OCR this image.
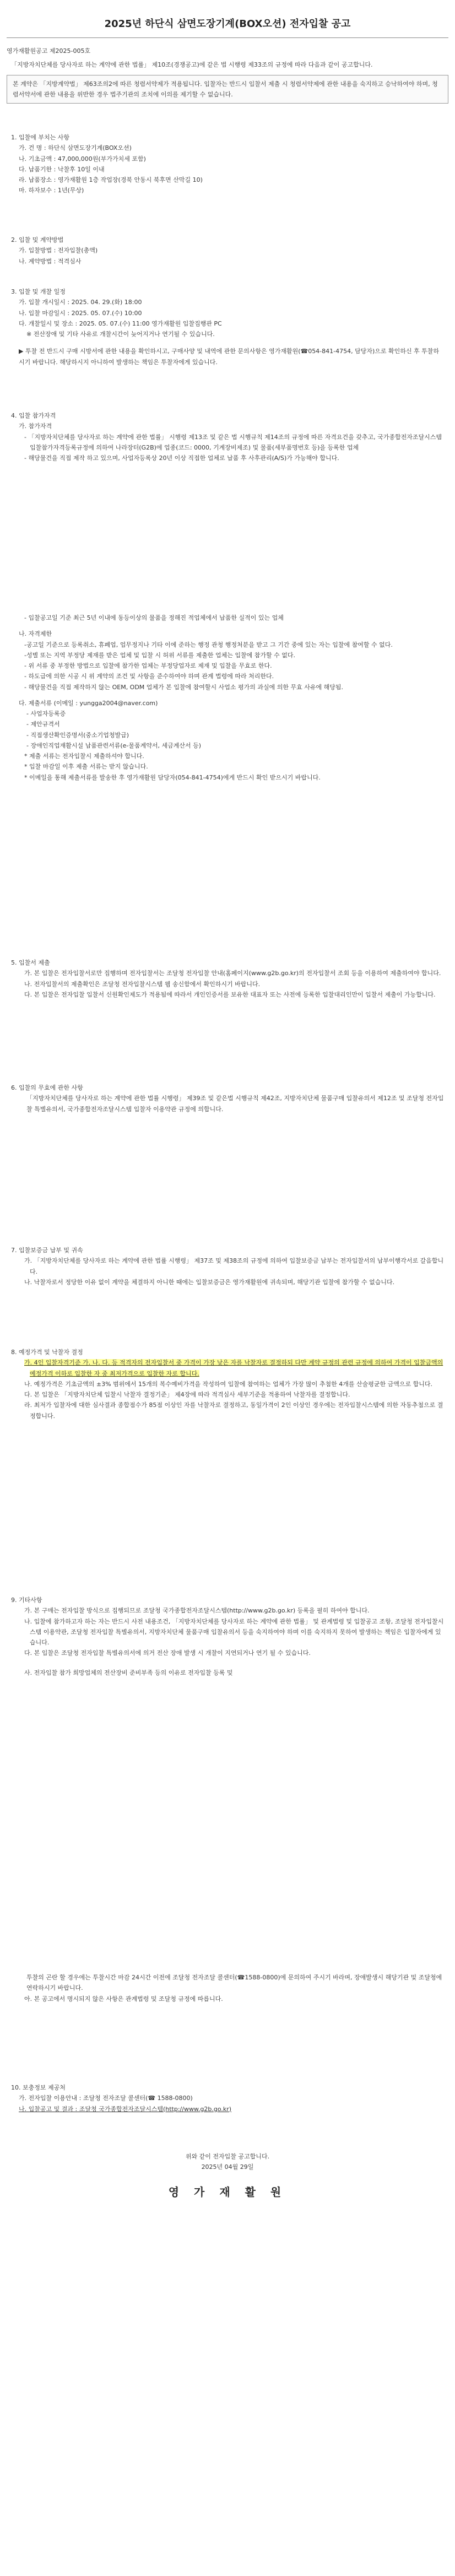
2025년 하단식 삼면도장기계(BOX오션) 전자입찰 공고

영가재활원공고 제2025-005호

「지방자치단체를 당사자로 하는 계약에 관한 법률」 제10조(경쟁공고)에 같은 법 시행령 제33조의 규정에 따라 다음과 같이 공고합니다.

본 계약은 「지방계약법」 제63조의2에 따른 청렴서약제가 적용됩니다. 입찰자는 반드시 입찰서 제출 시 청렴서약제에 관한 내용을 숙지하고 승낙하여야 하며, 청렴서약서에 관한 내용을 위반한 경우 법주기관의 조치에 이의를 제기할 수 없습니다.

1. 입찰에 부치는 사항

가. 건 명 : 하단식 삼면도장기계(BOX오션)

나. 기초금액 : 47,000,000원(부가가치세 포함)

다. 납품기한 : 낙찰후 10일 이내

라. 납품장소 : 영가재활원 1층 작업장(경북 안동시 북후면 산막길 10)

마. 하자보수 : 1년(무상)

2. 입찰 및 계약방법

가. 입찰방법 : 전자입찰(총액)

나. 계약방법 : 적격심사

3. 입찰 및 개찰 일정

가. 입찰 개시일시 : 2025. 04. 29.(화) 18:00

나. 입찰 마감일시 : 2025. 05. 07.(수) 10:00

다. 개찰일시 및 장소 : 2025. 05. 07.(수) 11:00 영가재활원 입찰집행관 PC

※ 전산장애 및 기타 사유로 개찰시간이 늦어지거나 연기될 수 있습니다.

▶ 투찰 전 반드시 구매 시방서에 관한 내용을 확인하시고, 구매사양 및 내역에 관한 문의사항은 영가재활원(☎054-841-4754, 담당자)으로 확인하신 후 투찰하시기 바랍니다. 해당하시지 아니하여 발생하는 책임은 투찰자에게 있습니다.

4. 입찰 참가자격

가. 참가자격

- 「지방자치단체를 당사자로 하는 계약에 관한 법률」 시행령 제13조 및 같은 법 시행규칙 제14조의 규정에 따른 자격요건을 갖추고, 국가종합전자조달시스템 입찰참가자격등록규정에 의하여 나라장터(G2B)에 업종(코드: 0000, 기계장비제조) 및 물품(세부품명번호 등)을 등록한 업체

- 해당물건을 직접 제작 하고 있으며, 사업자등록상 20년 이상 직접한 업체로 납품 후 사후관리(A/S)가 가능해야 합니다.

- 입찰공고일 기준 최근 5년 이내에 동등이상의 물품을 정해진 적업체에서 납품한 실적이 있는 업체

나. 자격제한

-공고일 기준으로 등록취소, 휴폐업, 업무정지나 기타 이에 준하는 행정 관청 행정처분을 받고 그 기간 중에 있는 자는 입찰에 참여할 수 없다.

-성별 또는 지역 부정당 제재를 받은 업체 및 입찰 시 허위 서류를 제출한 업체는 입찰에 참가할 수 없다.

- 위 서류 중 부정한 방법으로 입찰에 참가한 업체는 부정당업자로 제재 및 입찰을 무효로 한다.

- 하도급에 의한 시공 시 위 계약의 조건 및 사항을 준수하여야 하며 관계 법령에 따라 처리한다.

- 해당물건을 직접 제작하지 않는 OEM, ODM 업체가 본 입찰에 참여할시 사업소 평가의 과실에 의한 무효 사유에 해당됨.

다. 제출서류 (이메일 : yungga2004@naver.com)

- 사업자등록증

- 제안규격서

- 직접생산확인증명서(중소기업청발급)

- 장애인직업재활시설 납품관련서류(e-물품계약서, 세금계산서 등)

* 제출 서류는 전자입찰시 제출하셔야 합니다.

* 입찰 마감일 이후 제출 서류는 받지 않습니다.

* 이메일을 통해 제출서류를 발송한 후 영가재활원 담당자(054-841-4754)에게 반드시 확인 받으시기 바랍니다.

5. 입찰서 제출

가. 본 입찰은 전자입찰서로만 집행하며 전자입찰서는 조달청 전자입찰 안내(홈페이지(www.g2b.go.kr)의 전자입찰서 조회 등을 이용하여 제출하여야 합니다.

나. 전자입찰서의 제출확인은 조달청 전자입찰시스템 웹 송신함에서 확인하시기 바랍니다.

다. 본 입찰은 전자입찰 입찰서 신원확인제도가 적용됨에 따라서 개인인증서를 보유한 대표자 또는 사전에 등록한 입찰대리인만이 입찰서 제출이 가능합니다.

6. 입찰의 무효에 관한 사항

「지방자치단체를 당사자로 하는 계약에 관한 법률 시행령」 제39조 및 같은법 시행규칙 제42조, 지방자치단체 물품구매 입찰유의서 제12조 및 조달청 전자입찰 특별유의서, 국가종합전자조달시스템 입찰자 이용약관 규정에 의합니다.

7. 입찰보증금 납부 및 귀속

가. 「지방자치단체를 당사자로 하는 계약에 관한 법률 시행령」 제37조 및 제38조의 규정에 의하여 입찰보증금 납부는 전자입찰서의 납부이행각서로 갈음합니다.

나. 낙찰자로서 정당한 이유 없이 계약을 체결하지 아니한 때에는 입찰보증금은 영가재활원에 귀속되며, 해당기관 입찰에 참가할 수 없습니다.

8. 예정가격 및 낙찰자 결정

가. 4인 입찰자격기준 가. 나. 다. 등 적격자의 전자입찰서 중 가격이 가장 낮은 자를 낙찰자로 결정하되 다만 계약 규정의 관련 규정에 의하여 가격이 입찰금액의 예정가격 이하로 입찰한 자 중 최저가격으로 입찰한 자로 합니다.

나. 예정가격은 기초금액의 ±3% 범위에서 15개의 복수예비가격을 작성하여 입찰에 참여하는 업체가 가장 많이 추첨한 4개를 산술평균한 금액으로 합니다.

다. 본 입찰은 「지방자치단체 입찰시 낙찰자 결정기준」 제4장에 따라 적격심사 세부기준을 적용하여 낙찰자를 결정합니다.

라. 최저가 입찰자에 대한 심사결과 종합점수가 85점 이상인 자를 낙찰자로 결정하고, 동일가격이 2인 이상인 경우에는 전자입찰시스템에 의한 자동추첨으로 결정합니다.

9. 기타사항

가. 본 구매는 전자입찰 방식으로 집행되므로 조달청 국가종합전자조달시스템(http://www.g2b.go.kr) 등록을 필히 하여야 합니다.

나. 입찰에 참가하고자 하는 자는 반드시 사전 내용조건, 「지방자치단체를 당사자로 하는 계약에 관한 법률」 및 관계법령 및 입찰공고 조항, 조달청 전자입찰시스템 이용약관, 조달청 전자입찰 특별유의서, 지방자치단체 물품구매 입찰유의서 등을 숙지하여야 하며 이를 숙지하지 못하여 발생하는 책임은 입찰자에게 있습니다.

다. 본 입찰은 조달청 전자입찰 특별유의서에 의거 전산 장애 발생 시 개찰이 지연되거나 연기 될 수 있습니다.

사. 전자입찰 참가 희망업체의 전산장비 준비부족 등의 이유로 전자입찰 등록 및

투찰의 곤란 할 경우에는 투찰시간 마감 24시간 이전에 조달청 전자조달 콜센터(☎1588-0800)에 문의하여 주시기 바라며, 장애발생시 해당기관 및 조달청에 연락하시기 바랍니다.

아. 본 공고에서 명시되지 않은 사항은 관계법령 및 조달청 규정에 따릅니다.

10. 보충정보 제공처

가. 전자입찰 이용안내 : 조달청 전자조달 콜센터(☎ 1588-0800)

나. 입찰공고 및 결과 : 조달청 국가종합전자조달시스템(http://www.g2b.go.kr)

위와 같이 전자입찰 공고합니다.
2025년 04월 29일
영 가 재 활 원
